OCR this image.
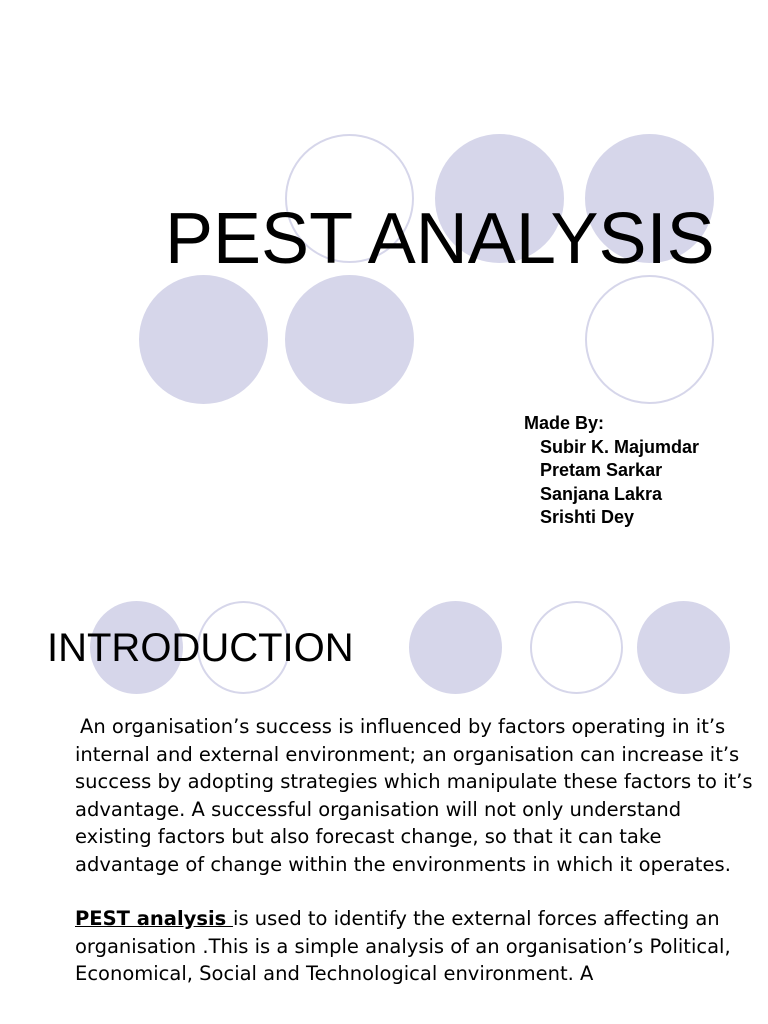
PEST ANALYSIS

Made By:

Subir K. Majumdar
Pretam Sarkar
Sanjana Lakra
Srishti Dey
INTRODUCTION

An organisation’s success is influenced by factors operating in it’s internal and external environment; an organisation can increase it’s success by adopting strategies which manipulate these factors to it’s advantage. A successful organisation will not only understand existing factors but also forecast change, so that it can take advantage of change within the environments in which it operates.

PEST analysis is used to identify the external forces affecting an organisation .This is a simple analysis of an organisation’s Political, Economical, Social and Technological environment. A
